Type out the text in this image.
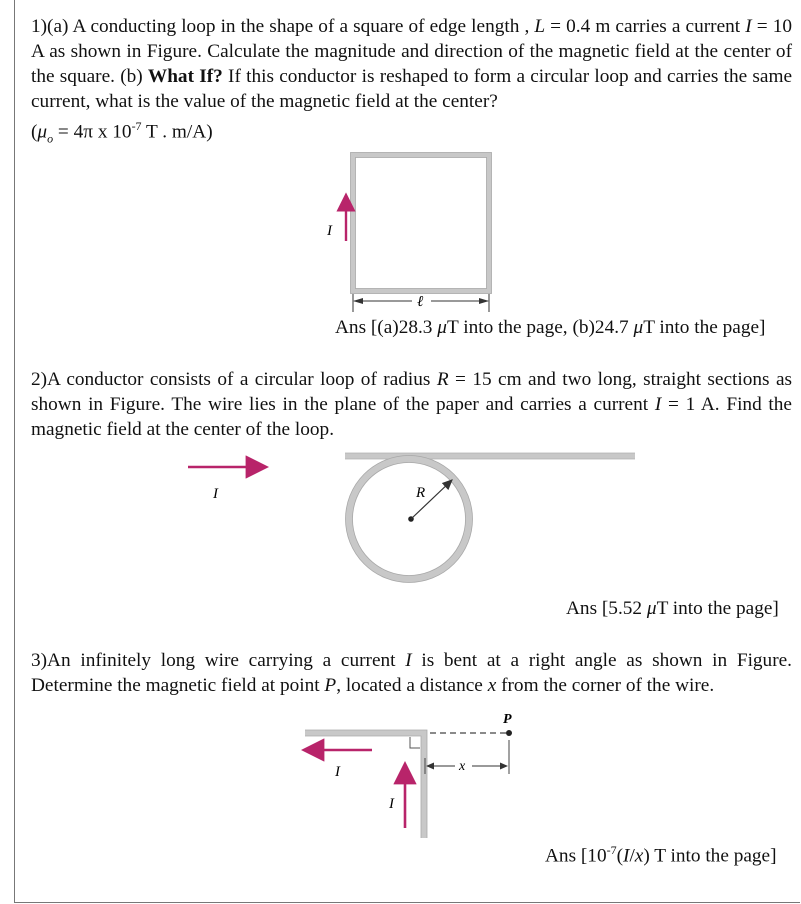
1)(a) A conducting loop in the shape of a square of edge length , L = 0.4 m carries a current I = 10 A as shown in Figure. Calculate the magnitude and direction of the magnetic field at the center of the square. (b) What If? If this conductor is reshaped to form a circular loop and carries the same current, what is the value of the magnetic field at the center?
($\mu_o = 4\pi$ x $10^{-7}$ T . m/A)
I
ℓ
Ans [(a)28.3 μT into the page, (b)24.7 μT into the page]
2)A conductor consists of a circular loop of radius R = 15 cm and two long, straight sections as shown in Figure. The wire lies in the plane of the paper and carries a current I = 1 A. Find the magnetic field at the center of the loop.
I	R
Ans [5.52 μT into the page]
3)An infinitely long wire carrying a current I is bent at a right angle as shown in Figure. Determine the magnetic field at point P, located a distance x from the corner of the wire.
P
x
I
I
Ans [$10^{-7}(I/x)$ T into the page]
